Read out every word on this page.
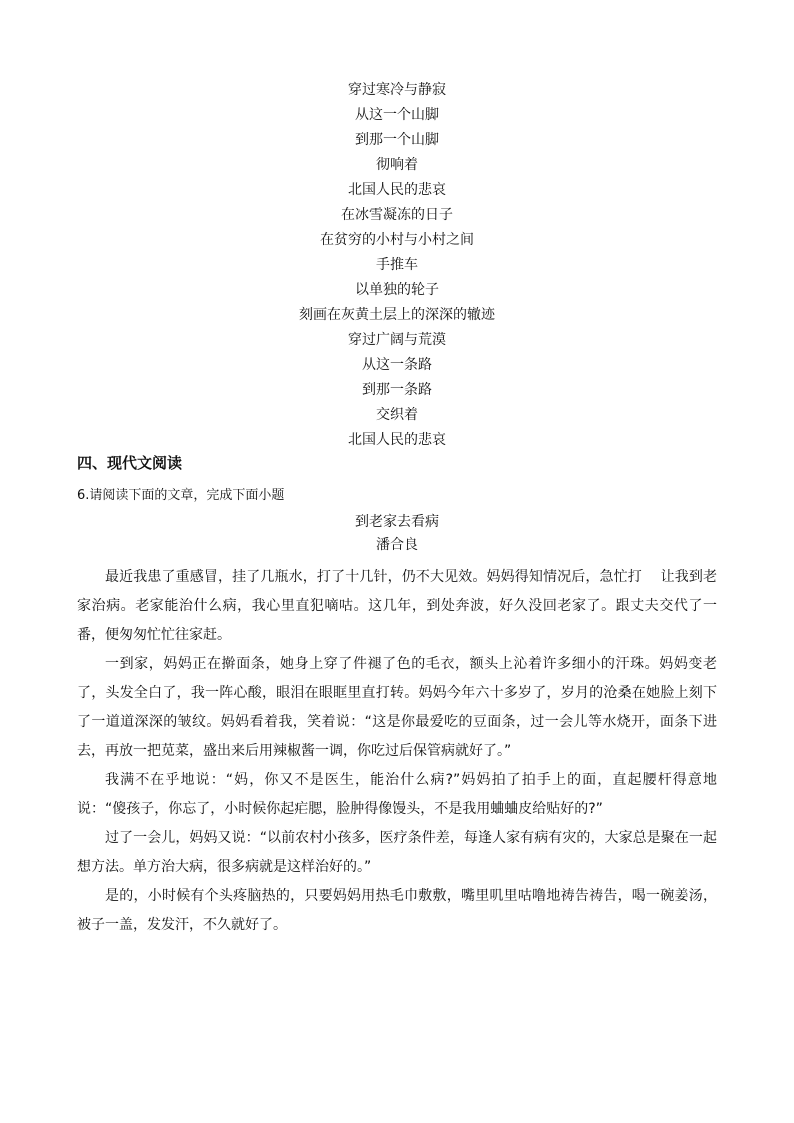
穿过寒冷与静寂
从这一个山脚
到那一个山脚
彻响着
北国人民的悲哀
在冰雪凝冻的日子
在贫穷的小村与小村之间
手推车
以单独的轮子
刻画在灰黄土层上的深深的辙迹
穿过广阔与荒漠
从这一条路
到那一条路
交织着
北国人民的悲哀
四、现代文阅读
6.请阅读下面的文章，完成下面小题
到老家去看病
潘合良

最近我患了重感冒，挂了几瓶水，打了十几针，仍不大见效。妈妈得知情况后，急忙打　 让我到老家治病。老家能治什么病，我心里直犯嘀咕。这几年，到处奔波，好久没回老家了。跟丈夫交代了一番，便匆匆忙忙往家赶。

一到家，妈妈正在擀面条，她身上穿了件褪了色的毛衣，额头上沁着许多细小的汗珠。妈妈变老了，头发全白了，我一阵心酸，眼泪在眼眶里直打转。妈妈今年六十多岁了，岁月的沧桑在她脸上刻下了一道道深深的皱纹。妈妈看着我，笑着说：“这是你最爱吃的豆面条，过一会儿等水烧开，面条下进去，再放一把苋菜，盛出来后用辣椒酱一调，你吃过后保管病就好了。”

我满不在乎地说：“妈，你又不是医生，能治什么病?”妈妈拍了拍手上的面，直起腰杆得意地说：“傻孩子，你忘了，小时候你起疟腮，脸肿得像馒头，不是我用蛐蛐皮给贴好的?”

过了一会儿，妈妈又说：“以前农村小孩多，医疗条件差，每逢人家有病有灾的，大家总是聚在一起想方法。单方治大病，很多病就是这样治好的。”

是的，小时候有个头疼脑热的，只要妈妈用热毛巾敷敷，嘴里叽里咕噜地祷告祷告，喝一碗姜汤，被子一盖，发发汗，不久就好了。
